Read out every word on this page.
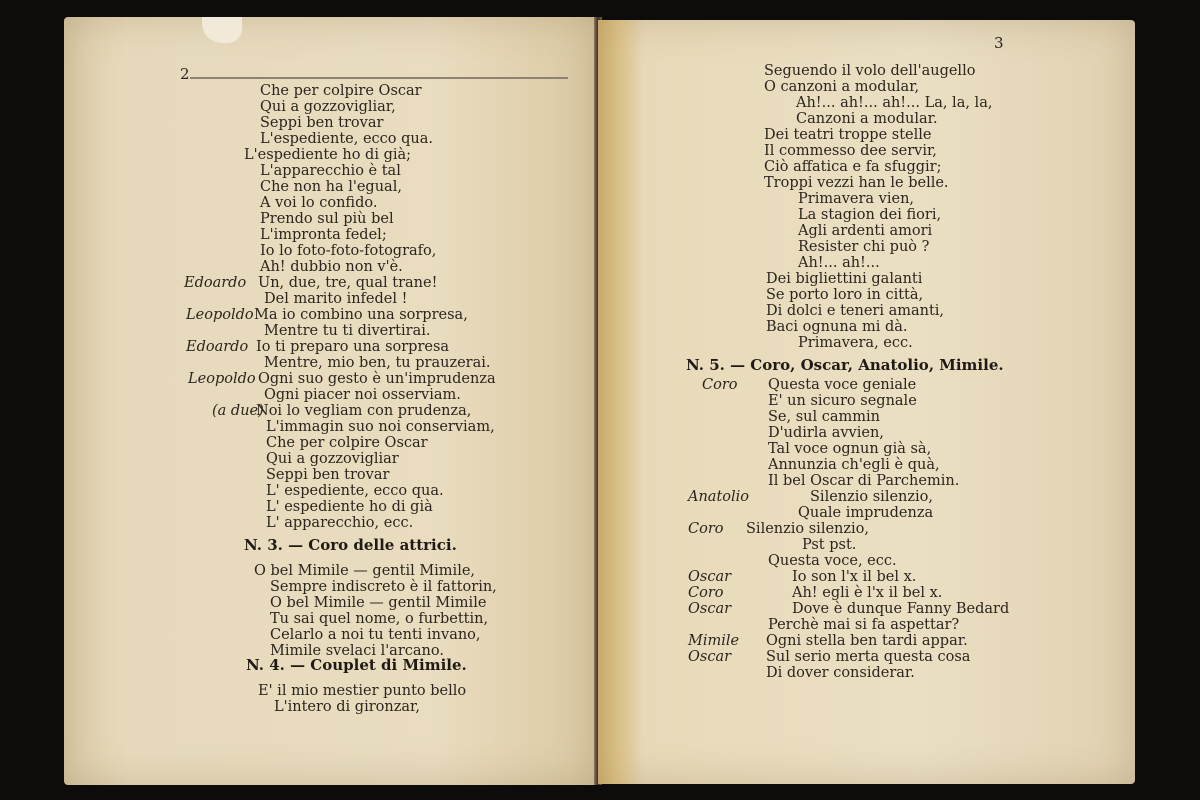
2
Che per colpire Oscar
Qui a gozzovigliar,
Seppi ben trovar
L'espediente, ecco qua.
L'espediente ho di già;
L'apparecchio è tal
Che non ha l'egual,
A voi lo confido.
Prendo sul più bel
L'impronta fedel;
Io lo foto-foto-fotografo,
Ah! dubbio non v'è.
Un, due, tre, qual trane!
Del marito infedel !
Ma io combino una sorpresa,
Mentre tu ti divertirai.
Io ti preparo una sorpresa
Mentre, mio ben, tu prauzerai.
Ogni suo gesto è un'imprudenza
Ogni piacer noi osserviam.
Noi lo vegliam con prudenza,
L'immagin suo noi conserviam,
Che per colpire Oscar
Qui a gozzovigliar
Seppi ben trovar
L' espediente, ecco qua.
L' espediente ho di già
L' apparecchio, ecc.
O bel Mimile — gentil Mimile,
Sempre indiscreto è il fattorin,
O bel Mimile — gentil Mimile
Tu sai quel nome, o furbettin,
Celarlo a noi tu tenti invano,
Mimile svelaci l'arcano.
E' il mio mestier punto bello
L'intero di gironzar,
Edoardo
Leopoldo
Edoardo
Leopoldo
(a due)
N. 3. — Coro delle attrici.
N. 4. — Couplet di Mimile.
3
Seguendo il volo dell'augello
O canzoni a modular,
Ah!... ah!... ah!... La, la, la,
Canzoni a modular.
Dei teatri troppe stelle
Il commesso dee servir,
Ciò affatica e fa sfuggir;
Troppi vezzi han le belle.
Primavera vien,
La stagion dei fiori,
Agli ardenti amori
Resister chi può ?
Ah!... ah!...
Dei bigliettini galanti
Se porto loro in città,
Di dolci e teneri amanti,
Baci ognuna mi dà.
Primavera, ecc.
Questa voce geniale
E' un sicuro segnale
Se, sul cammin
D'udirla avvien,
Tal voce ognun già sà,
Annunzia ch'egli è quà,
Il bel Oscar di Parchemin.
Silenzio silenzio,
Quale imprudenza
Silenzio silenzio,
Pst pst.
Questa voce, ecc.
Io son l'x il bel x.
Ah! egli è l'x il bel x.
Dove è dunque Fanny Bedard
Perchè mai si fa aspettar?
Ogni stella ben tardi appar.
Sul serio merta questa cosa
Di dover considerar.
Coro
Anatolio
Coro
Oscar
Coro
Oscar
Mimile
Oscar
N. 5. — Coro, Oscar, Anatolio, Mimile.
